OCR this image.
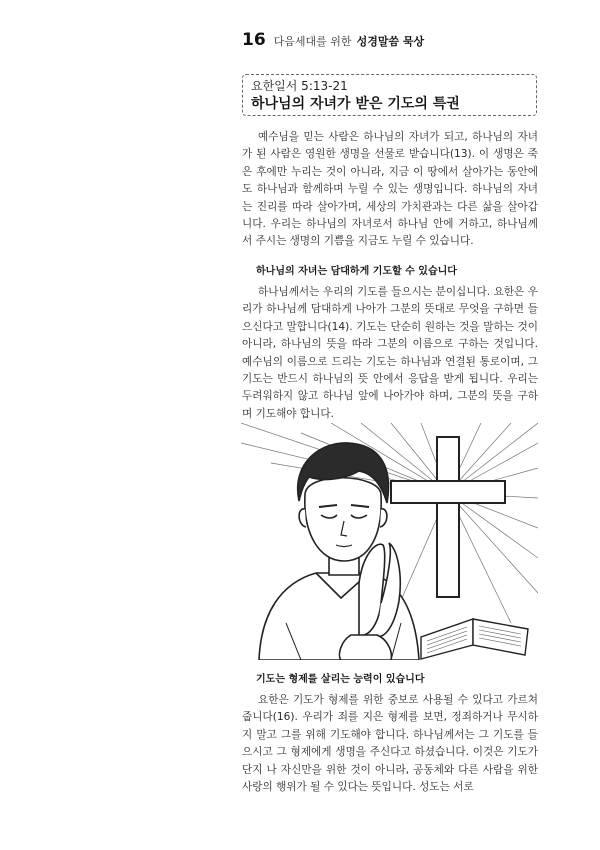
16 다음세대를 위한 성경말씀 묵상
요한일서 5:13-21
하나님의 자녀가 받은 기도의 특권

예수님을 믿는 사람은 하나님의 자녀가 되고, 하나님의 자녀가 된 사람은 영원한 생명을 선물로 받습니다(13). 이 생명은 죽은 후에만 누리는 것이 아니라, 지금 이 땅에서 살아가는 동안에도 하나님과 함께하며 누릴 수 있는 생명입니다. 하나님의 자녀는 진리를 따라 살아가며, 세상의 가치관과는 다른 삶을 살아갑니다. 우리는 하나님의 자녀로서 하나님 안에 거하고, 하나님께서 주시는 생명의 기쁨을 지금도 누릴 수 있습니다.

하나님의 자녀는 담대하게 기도할 수 있습니다

하나님께서는 우리의 기도를 들으시는 분이십니다. 요한은 우리가 하나님께 담대하게 나아가 그분의 뜻대로 무엇을 구하면 들으신다고 말합니다(14). 기도는 단순히 원하는 것을 말하는 것이 아니라, 하나님의 뜻을 따라 그분의 이름으로 구하는 것입니다. 예수님의 이름으로 드리는 기도는 하나님과 연결된 통로이며, 그 기도는 반드시 하나님의 뜻 안에서 응답을 받게 됩니다. 우리는 두려워하지 않고 하나님 앞에 나아가야 하며, 그분의 뜻을 구하며 기도해야 합니다.

기도는 형제를 살리는 능력이 있습니다

요한은 기도가 형제를 위한 중보로 사용될 수 있다고 가르쳐 줍니다(16). 우리가 죄를 지은 형제를 보면, 정죄하거나 무시하지 말고 그를 위해 기도해야 합니다. 하나님께서는 그 기도를 들으시고 그 형제에게 생명을 주신다고 하셨습니다. 이것은 기도가 단지 나 자신만을 위한 것이 아니라, 공동체와 다른 사람을 위한 사랑의 행위가 될 수 있다는 뜻입니다. 성도는 서로
